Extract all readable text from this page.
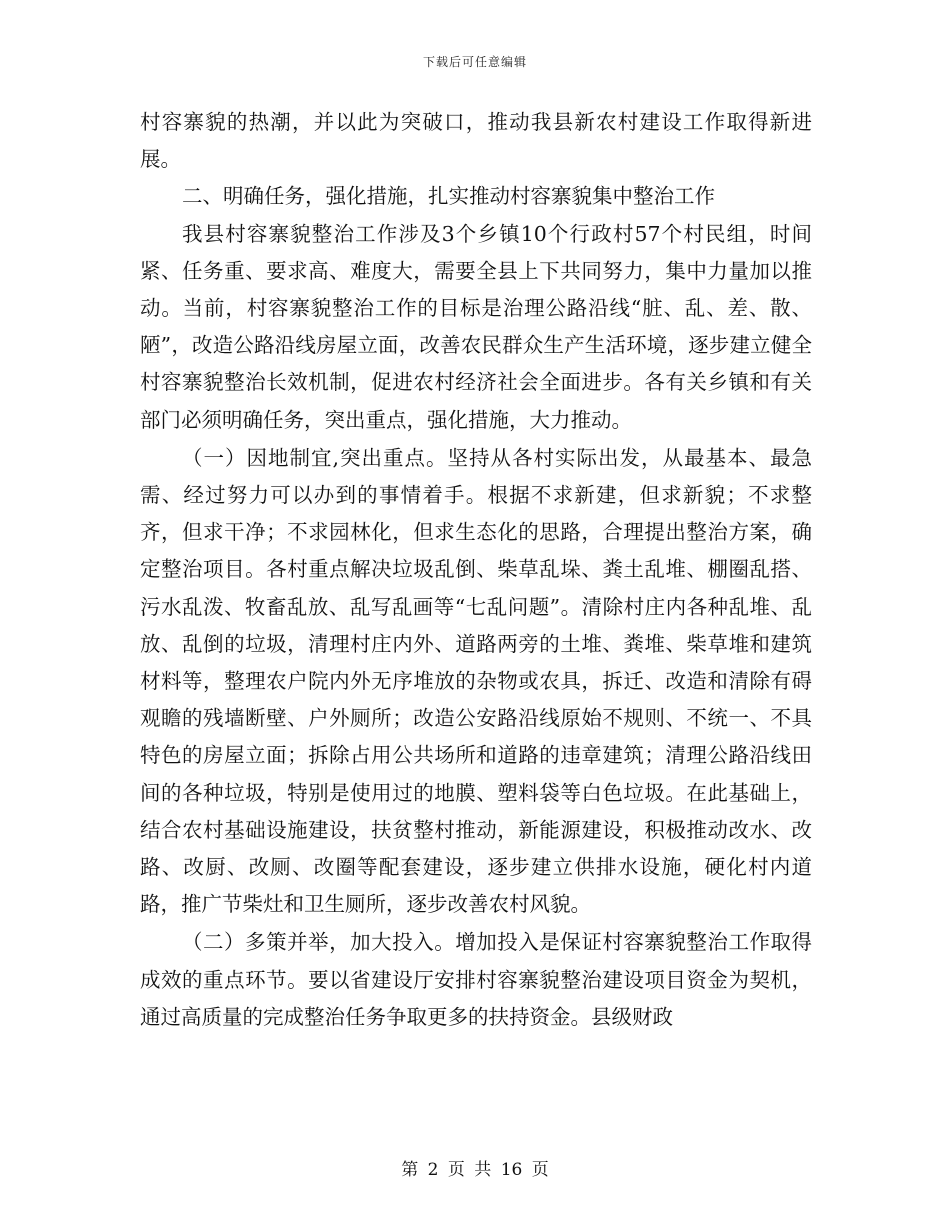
下载后可任意编辑

村容寨貌的热潮，并以此为突破口，推动我县新农村建设工作取得新进展。

二、明确任务，强化措施，扎实推动村容寨貌集中整治工作

我县村容寨貌整治工作涉及3个乡镇10个行政村57个村民组，时间紧、任务重、要求高、难度大，需要全县上下共同努力，集中力量加以推动。当前，村容寨貌整治工作的目标是治理公路沿线“脏、乱、差、散、陋”，改造公路沿线房屋立面，改善农民群众生产生活环境，逐步建立健全村容寨貌整治长效机制，促进农村经济社会全面进步。各有关乡镇和有关部门必须明确任务，突出重点，强化措施，大力推动。

（一）因地制宜,突出重点。坚持从各村实际出发，从最基本、最急需、经过努力可以办到的事情着手。根据不求新建，但求新貌；不求整齐，但求干净；不求园林化，但求生态化的思路，合理提出整治方案，确定整治项目。各村重点解决垃圾乱倒、柴草乱垛、粪土乱堆、棚圈乱搭、污水乱泼、牧畜乱放、乱写乱画等“七乱问题”。清除村庄内各种乱堆、乱放、乱倒的垃圾，清理村庄内外、道路两旁的土堆、粪堆、柴草堆和建筑材料等，整理农户院内外无序堆放的杂物或农具，拆迁、改造和清除有碍观瞻的残墙断壁、户外厕所；改造公安路沿线原始不规则、不统一、不具特色的房屋立面；拆除占用公共场所和道路的违章建筑；清理公路沿线田间的各种垃圾，特别是使用过的地膜、塑料袋等白色垃圾。在此基础上，结合农村基础设施建设，扶贫整村推动，新能源建设，积极推动改水、改路、改厨、改厕、改圈等配套建设，逐步建立供排水设施，硬化村内道路，推广节柴灶和卫生厕所，逐步改善农村风貌。

（二）多策并举，加大投入。增加投入是保证村容寨貌整治工作取得成效的重点环节。要以省建设厅安排村容寨貌整治建设项目资金为契机，通过高质量的完成整治任务争取更多的扶持资金。县级财政

第 2 页 共 16 页
